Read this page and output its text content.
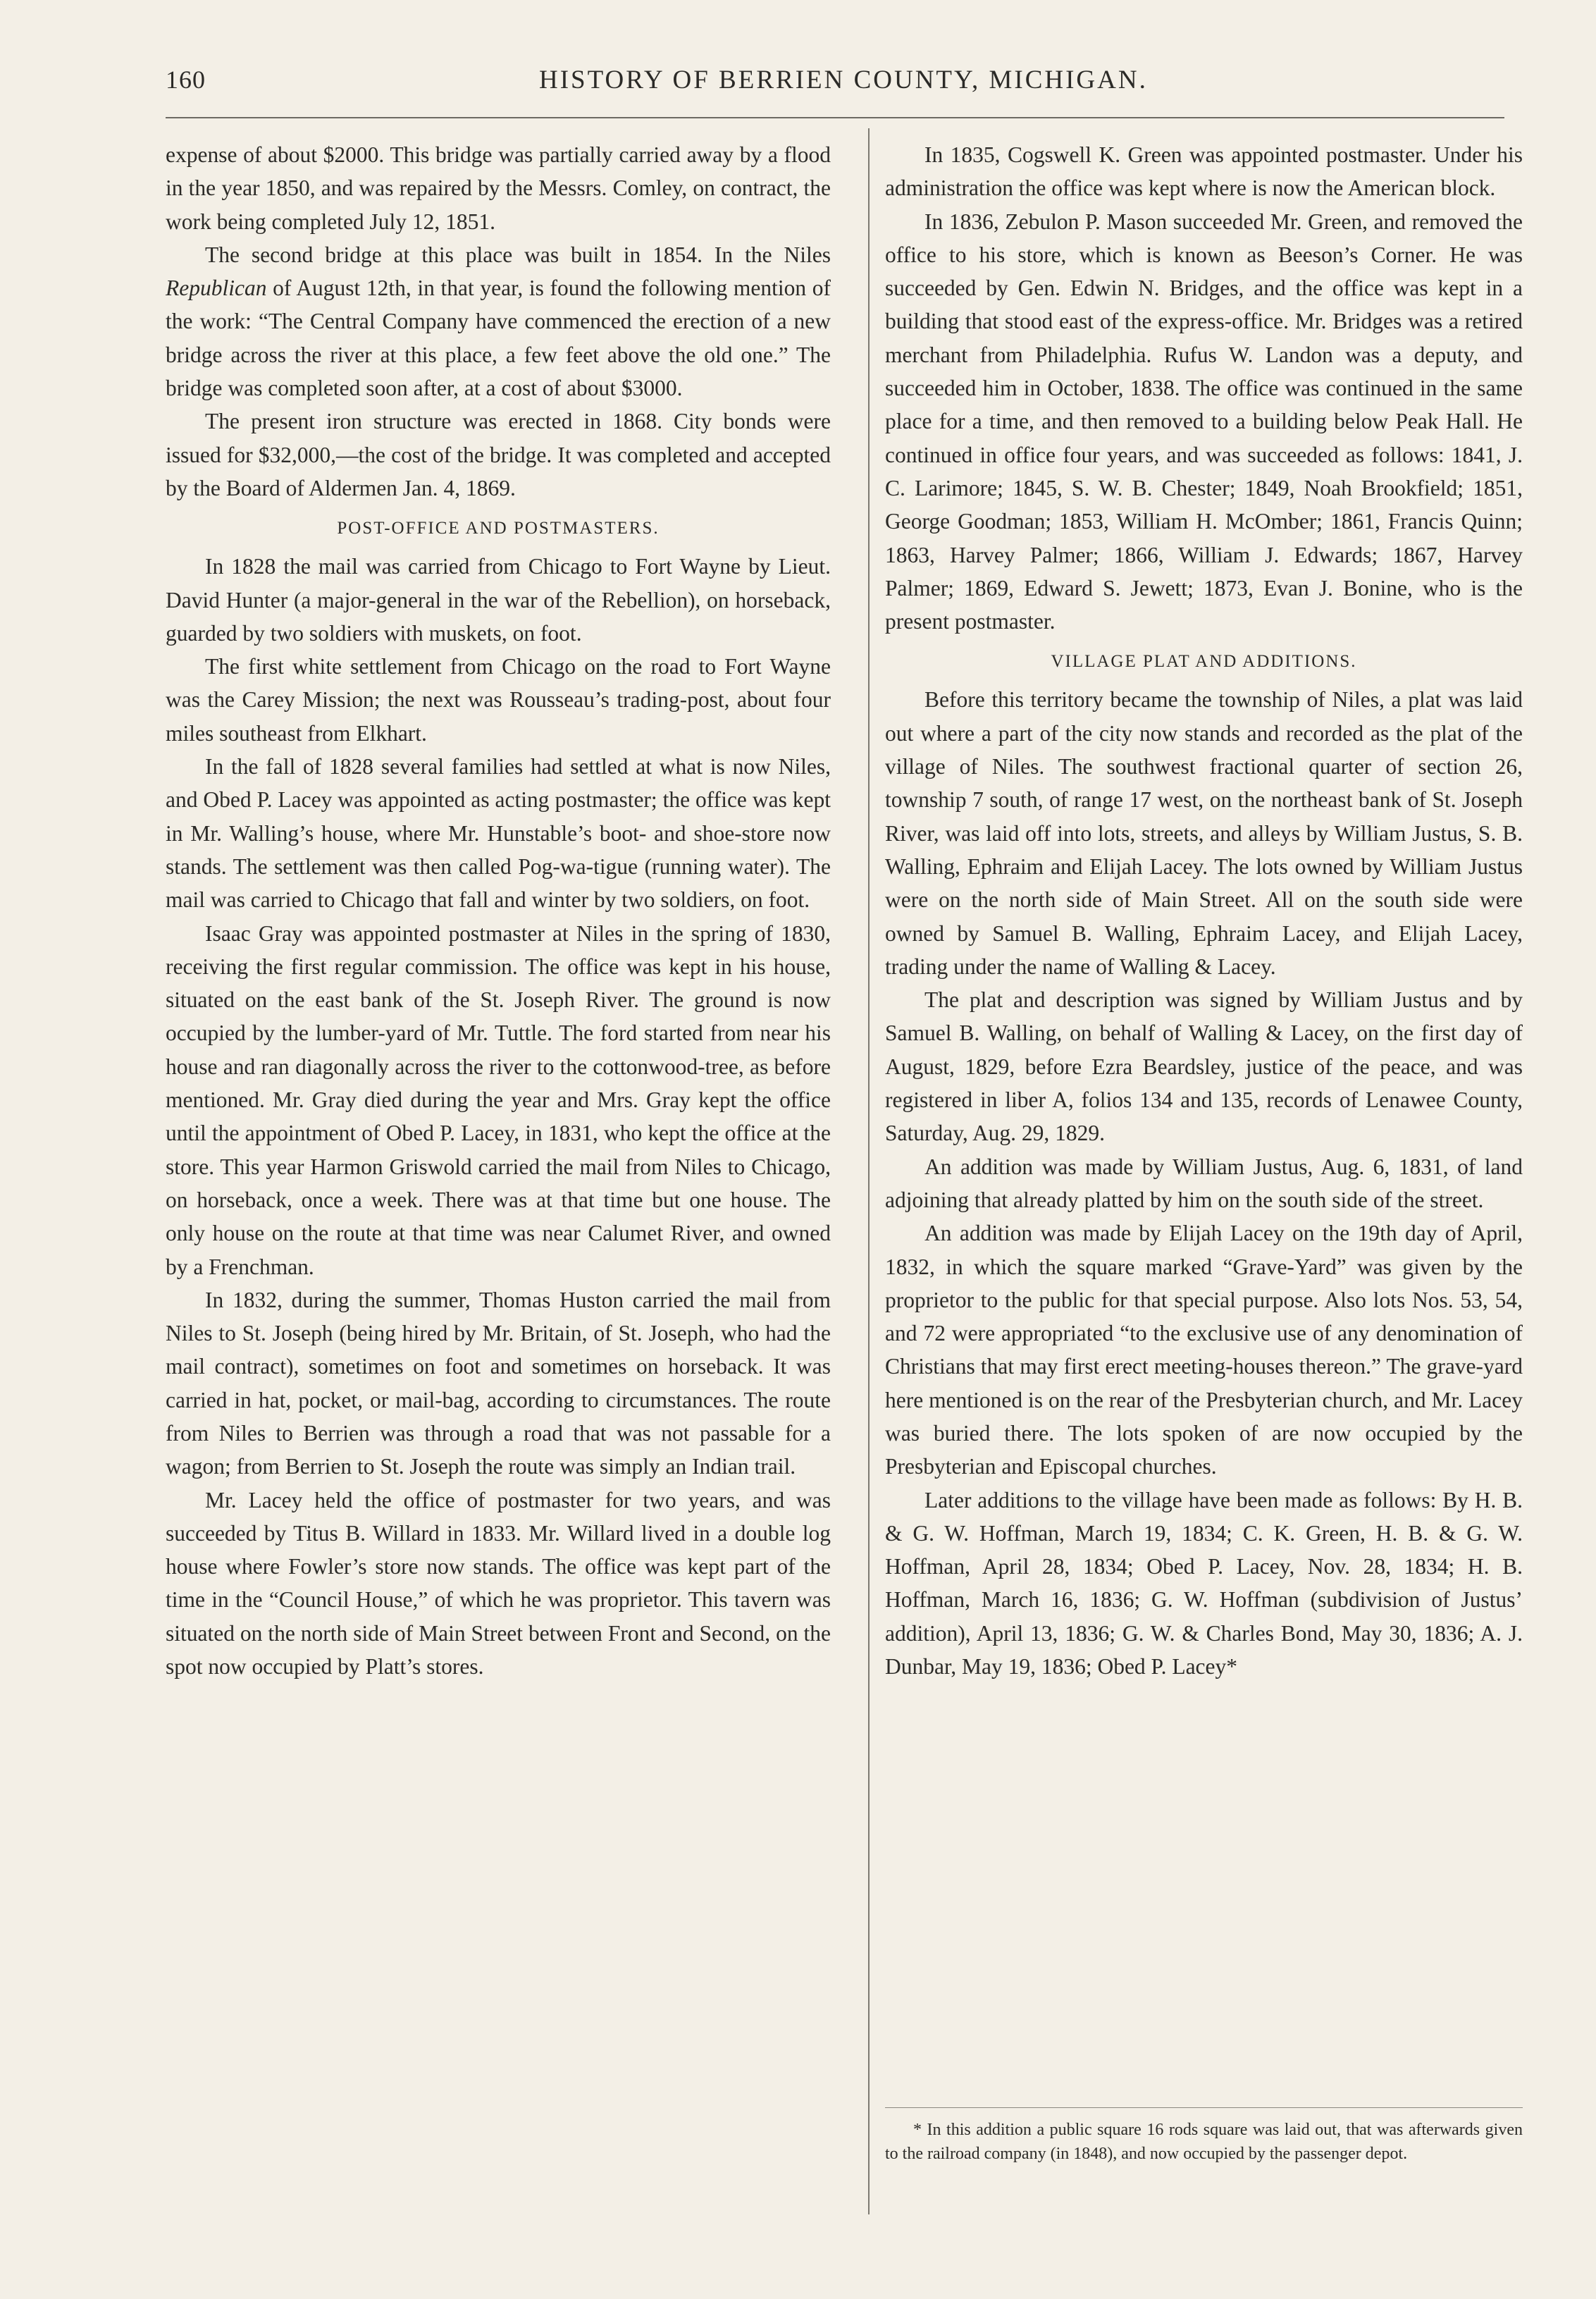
160	HISTORY OF BERRIEN COUNTY, MICHIGAN.

expense of about $2000. This bridge was partially carried away by a flood in the year 1850, and was repaired by the Messrs. Comley, on contract, the work being completed July 12, 1851.

The second bridge at this place was built in 1854. In the Niles Republican of August 12th, in that year, is found the following mention of the work: “The Central Company have commenced the erection of a new bridge across the river at this place, a few feet above the old one.” The bridge was completed soon after, at a cost of about $3000.

The present iron structure was erected in 1868. City bonds were issued for $32,000,—the cost of the bridge. It was completed and accepted by the Board of Aldermen Jan. 4, 1869.

POST-OFFICE AND POSTMASTERS.

In 1828 the mail was carried from Chicago to Fort Wayne by Lieut. David Hunter (a major-general in the war of the Rebellion), on horseback, guarded by two soldiers with muskets, on foot.

The first white settlement from Chicago on the road to Fort Wayne was the Carey Mission; the next was Rousseau’s trading-post, about four miles southeast from Elkhart.

In the fall of 1828 several families had settled at what is now Niles, and Obed P. Lacey was appointed as acting postmaster; the office was kept in Mr. Walling’s house, where Mr. Hunstable’s boot- and shoe-store now stands. The settlement was then called Pog-wa-tigue (running water). The mail was carried to Chicago that fall and winter by two soldiers, on foot.

Isaac Gray was appointed postmaster at Niles in the spring of 1830, receiving the first regular commission. The office was kept in his house, situated on the east bank of the St. Joseph River. The ground is now occupied by the lumber-yard of Mr. Tuttle. The ford started from near his house and ran diagonally across the river to the cottonwood-tree, as before mentioned. Mr. Gray died during the year and Mrs. Gray kept the office until the appointment of Obed P. Lacey, in 1831, who kept the office at the store. This year Harmon Griswold carried the mail from Niles to Chicago, on horseback, once a week. There was at that time but one house. The only house on the route at that time was near Calumet River, and owned by a Frenchman.

In 1832, during the summer, Thomas Huston carried the mail from Niles to St. Joseph (being hired by Mr. Britain, of St. Joseph, who had the mail contract), sometimes on foot and sometimes on horseback. It was carried in hat, pocket, or mail-bag, according to circumstances. The route from Niles to Berrien was through a road that was not passable for a wagon; from Berrien to St. Joseph the route was simply an Indian trail.

Mr. Lacey held the office of postmaster for two years, and was succeeded by Titus B. Willard in 1833. Mr. Willard lived in a double log house where Fowler’s store now stands. The office was kept part of the time in the “Council House,” of which he was proprietor. This tavern was situated on the north side of Main Street between Front and Second, on the spot now occupied by Platt’s stores.

In 1835, Cogswell K. Green was appointed postmaster. Under his administration the office was kept where is now the American block.

In 1836, Zebulon P. Mason succeeded Mr. Green, and removed the office to his store, which is known as Beeson’s Corner. He was succeeded by Gen. Edwin N. Bridges, and the office was kept in a building that stood east of the express-office. Mr. Bridges was a retired merchant from Philadelphia. Rufus W. Landon was a deputy, and succeeded him in October, 1838. The office was continued in the same place for a time, and then removed to a building below Peak Hall. He continued in office four years, and was succeeded as follows: 1841, J. C. Larimore; 1845, S. W. B. Chester; 1849, Noah Brookfield; 1851, George Goodman; 1853, William H. McOmber; 1861, Francis Quinn; 1863, Harvey Palmer; 1866, William J. Edwards; 1867, Harvey Palmer; 1869, Edward S. Jewett; 1873, Evan J. Bonine, who is the present postmaster.

VILLAGE PLAT AND ADDITIONS.

Before this territory became the township of Niles, a plat was laid out where a part of the city now stands and recorded as the plat of the village of Niles. The southwest fractional quarter of section 26, township 7 south, of range 17 west, on the northeast bank of St. Joseph River, was laid off into lots, streets, and alleys by William Justus, S. B. Walling, Ephraim and Elijah Lacey. The lots owned by William Justus were on the north side of Main Street. All on the south side were owned by Samuel B. Walling, Ephraim Lacey, and Elijah Lacey, trading under the name of Walling & Lacey.

The plat and description was signed by William Justus and by Samuel B. Walling, on behalf of Walling & Lacey, on the first day of August, 1829, before Ezra Beardsley, justice of the peace, and was registered in liber A, folios 134 and 135, records of Lenawee County, Saturday, Aug. 29, 1829.

An addition was made by William Justus, Aug. 6, 1831, of land adjoining that already platted by him on the south side of the street.

An addition was made by Elijah Lacey on the 19th day of April, 1832, in which the square marked “Grave-Yard” was given by the proprietor to the public for that special purpose. Also lots Nos. 53, 54, and 72 were appropriated “to the exclusive use of any denomination of Christians that may first erect meeting-houses thereon.” The grave-yard here mentioned is on the rear of the Presbyterian church, and Mr. Lacey was buried there. The lots spoken of are now occupied by the Presbyterian and Episcopal churches.

Later additions to the village have been made as follows: By H. B. & G. W. Hoffman, March 19, 1834; C. K. Green, H. B. & G. W. Hoffman, April 28, 1834; Obed P. Lacey, Nov. 28, 1834; H. B. Hoffman, March 16, 1836; G. W. Hoffman (subdivision of Justus’ addition), April 13, 1836; G. W. & Charles Bond, May 30, 1836; A. J. Dunbar, May 19, 1836; Obed P. Lacey*

* In this addition a public square 16 rods square was laid out, that was afterwards given to the railroad company (in 1848), and now occupied by the passenger depot.
